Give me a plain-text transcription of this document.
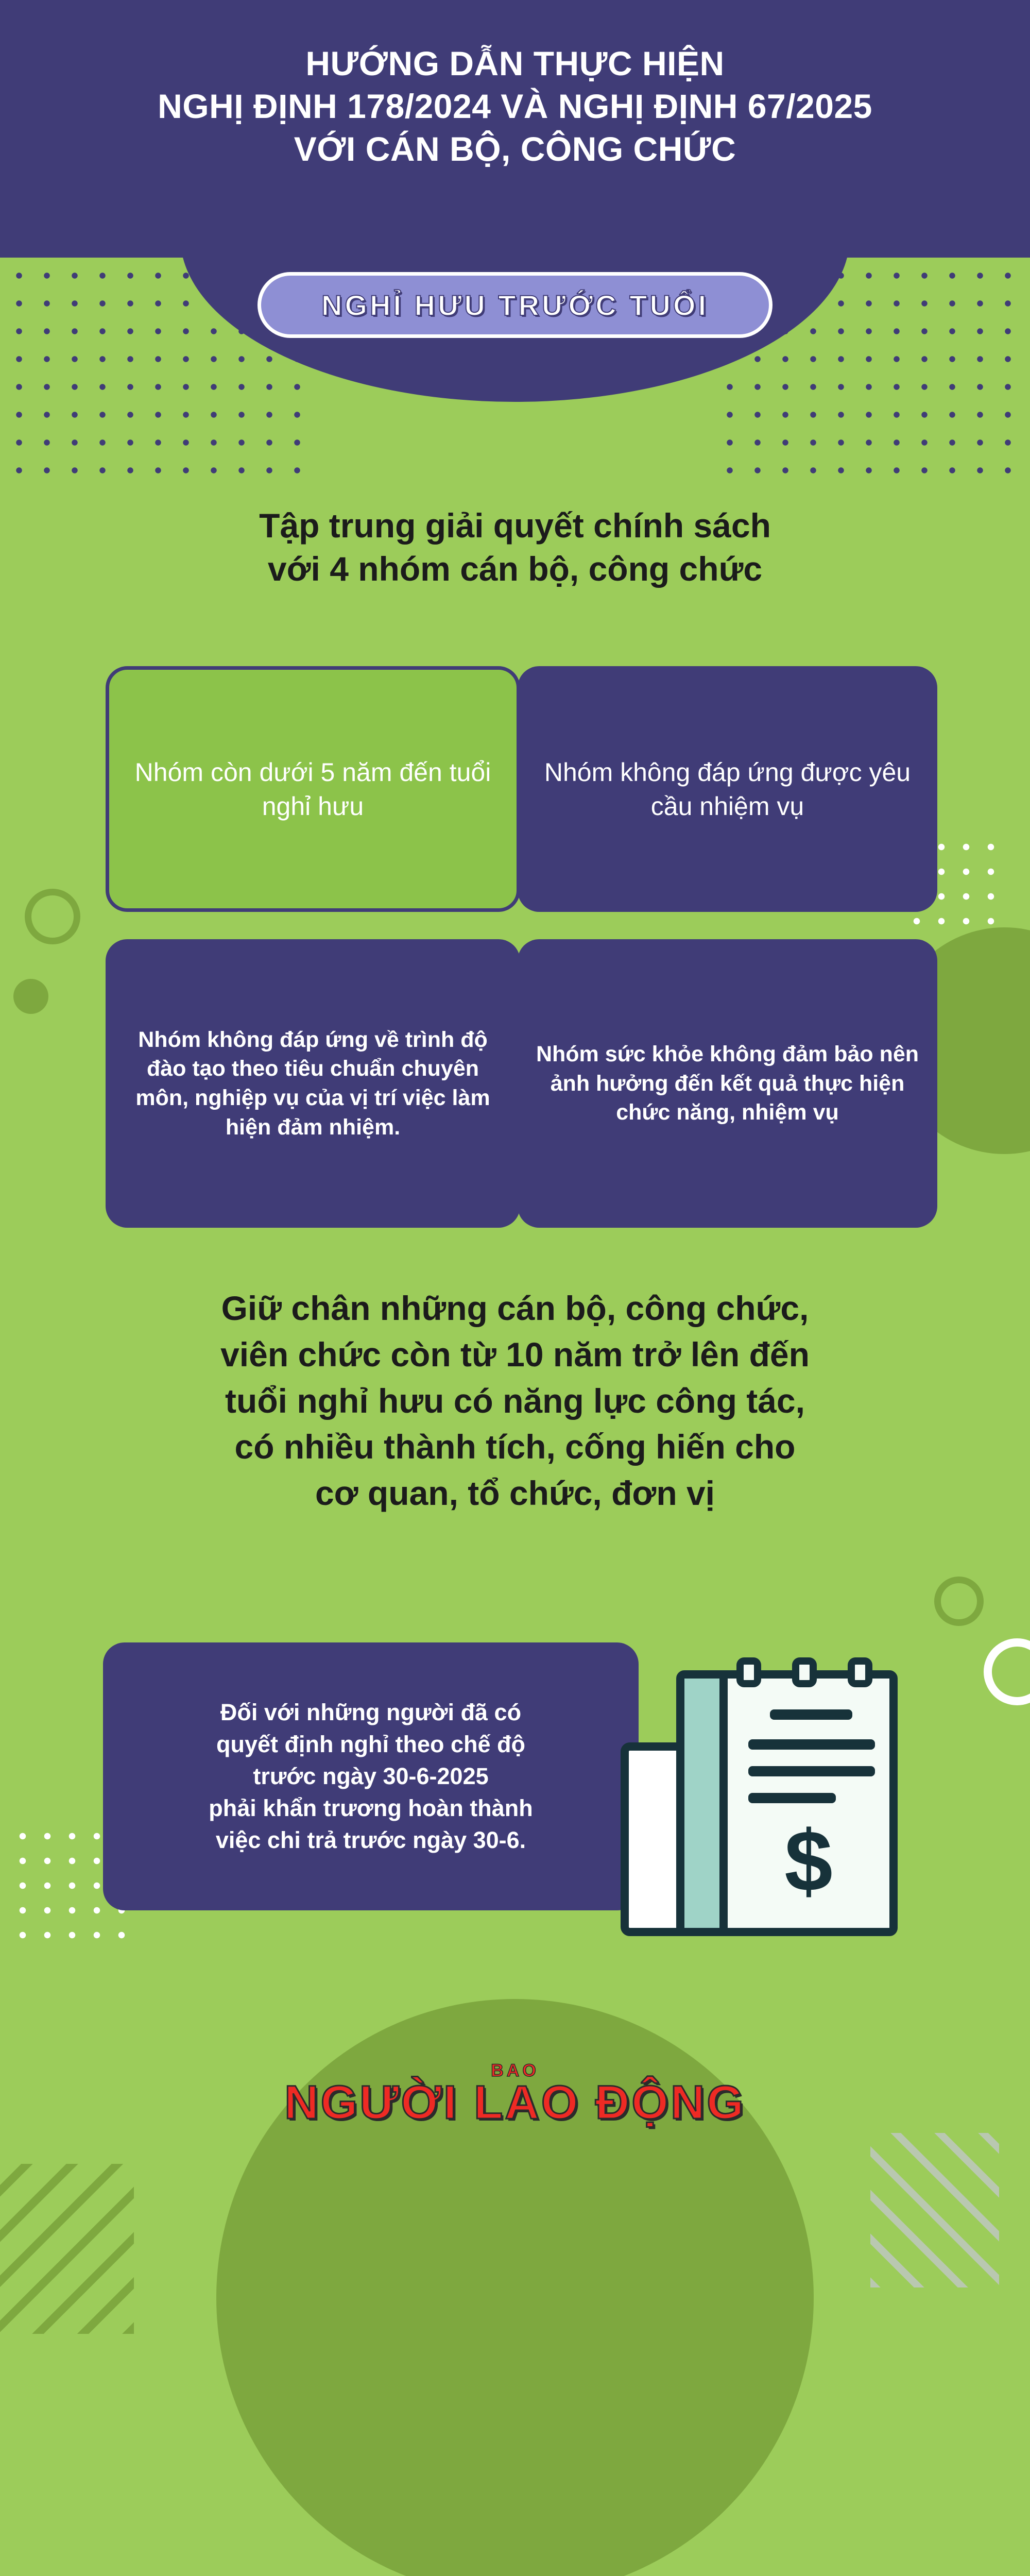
HƯỚNG DẪN THỰC HIỆN
NGHỊ ĐỊNH 178/2024 VÀ NGHỊ ĐỊNH 67/2025
VỚI CÁN BỘ, CÔNG CHỨC
NGHỈ HƯU TRƯỚC TUỔI
Tập trung giải quyết chính sách
với 4 nhóm cán bộ, công chức
Nhóm còn dưới 5 năm đến tuổi nghỉ hưu
Nhóm không đáp ứng được yêu cầu nhiệm vụ
Nhóm không đáp ứng về trình độ đào tạo theo tiêu chuẩn chuyên môn, nghiệp vụ của vị trí việc làm hiện đảm nhiệm.
Nhóm sức khỏe không đảm bảo nên ảnh hưởng đến kết quả thực hiện chức năng, nhiệm vụ
Giữ chân những cán bộ, công chức,
viên chức còn từ 10 năm trở lên đến
tuổi nghỉ hưu có năng lực công tác,
có nhiều thành tích, cống hiến cho
cơ quan, tổ chức, đơn vị
Đối với những người đã có
quyết định nghỉ theo chế độ
trước ngày 30-6-2025
phải khẩn trương hoàn thành
việc chi trả trước ngày 30-6.	$
BAO
NGƯỜI LAO ĐỘNG
